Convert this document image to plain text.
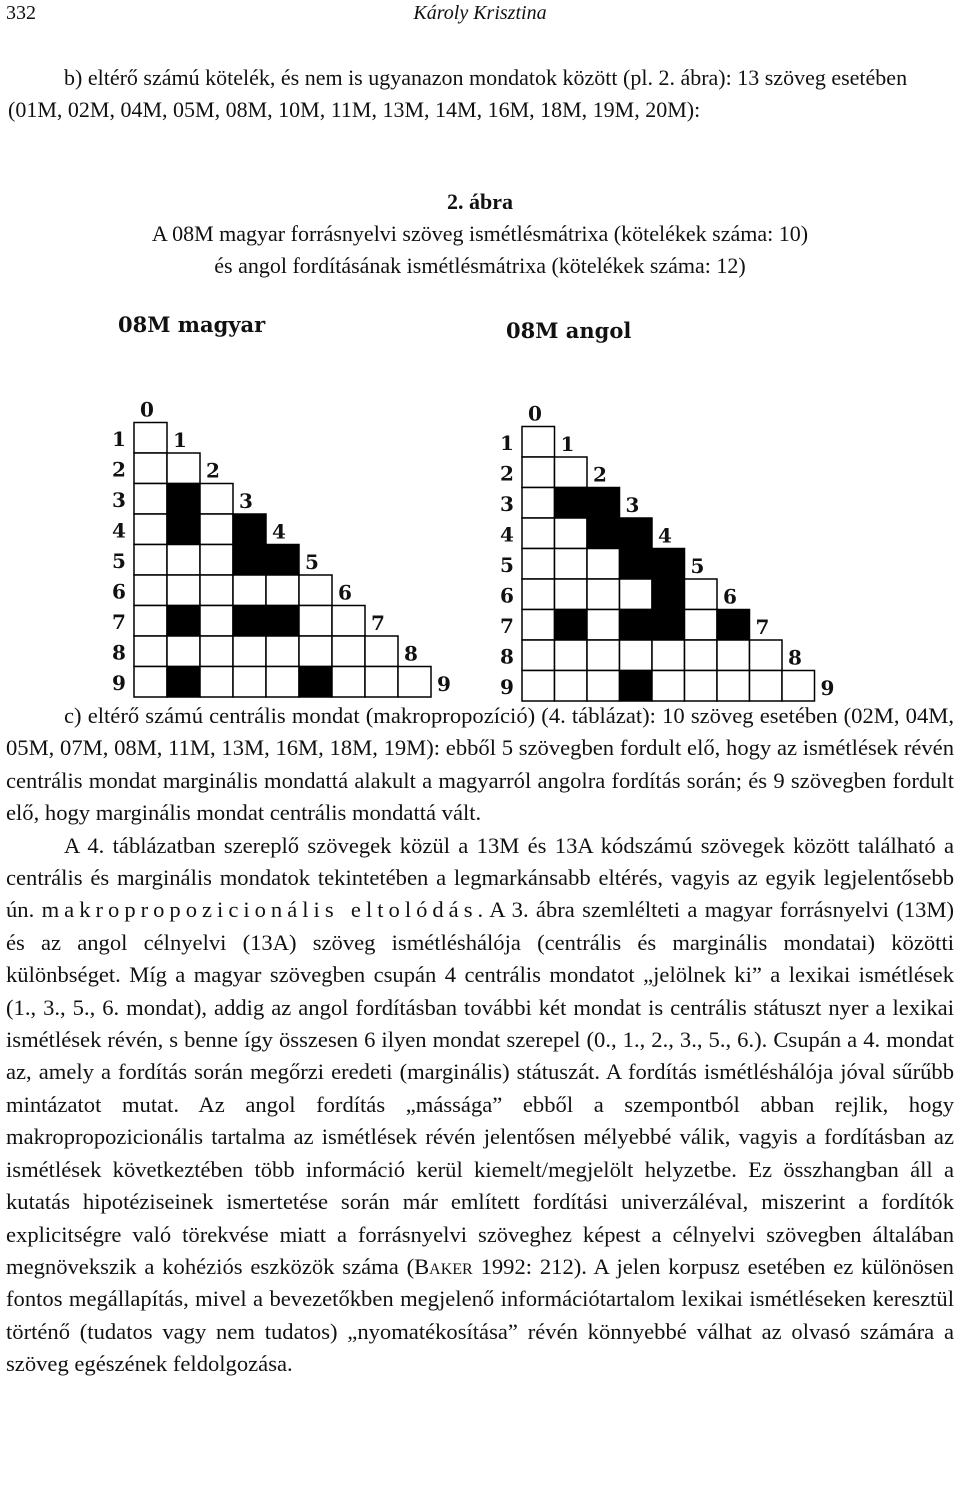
332	Károly Krisztina

b) eltérő számú kötelék, és nem is ugyanazon mondatok között (pl. 2. ábra): 13 szöveg esetében (01M, 02M, 04M, 05M, 08M, 10M, 11M, 13M, 14M, 16M, 18M, 19M, 20M):

2. ábra
A 08M magyar forrásnyelvi szöveg ismétlésmátrixa (kötelékek száma: 10)
és angol fordításának ismétlésmátrixa (kötelékek száma: 12)
08M magyar
1
2
3
4
5
6
7
8
9
0
1
2
3
4
5
6
7
8
9
08M angol
1
2
3
4
5
6
7
8
9
0
1
2
3
4
5
6
7
8
9

c) eltérő számú centrális mondat (makropropozíció) (4. táblázat): 10 szöveg esetében (02M, 04M, 05M, 07M, 08M, 11M, 13M, 16M, 18M, 19M): ebből 5 szövegben fordult elő, hogy az ismétlések révén centrális mondat marginális mondattá alakult a magyarról angolra fordítás során; és 9 szövegben fordult elő, hogy marginális mondat centrális mondattá vált.

A 4. táblázatban szereplő szövegek közül a 13M és 13A kódszámú szövegek között található a centrális és marginális mondatok tekintetében a legmarkánsabb eltérés, vagyis az egyik legjelentősebb ún. makropropozicionális eltolódás. A 3. ábra szemlélteti a magyar forrásnyelvi (13M) és az angol célnyelvi (13A) szöveg ismétléshálója (centrális és marginális mondatai) közötti különbséget. Míg a magyar szövegben csupán 4 centrális mondatot „jelölnek ki” a lexikai ismétlések (1., 3., 5., 6. mondat), addig az angol fordításban további két mondat is centrális státuszt nyer a lexikai ismétlések révén, s benne így összesen 6 ilyen mondat szerepel (0., 1., 2., 3., 5., 6.). Csupán a 4. mondat az, amely a fordítás során megőrzi eredeti (marginális) státuszát. A fordítás ismétléshálója jóval sűrűbb mintázatot mutat. Az angol fordítás „mássága” ebből a szempontból abban rejlik, hogy makropropozicionális tartalma az ismétlések révén jelentősen mélyebbé válik, vagyis a fordításban az ismétlések következtében több információ kerül kiemelt/megjelölt helyzetbe. Ez összhangban áll a kutatás hipotéziseinek ismertetése során már említett fordítási univerzáléval, miszerint a fordítók explicitségre való törekvése miatt a forrásnyelvi szöveghez képest a célnyelvi szövegben általában megnövekszik a kohéziós eszközök száma (Baker 1992: 212). A jelen korpusz esetében ez különösen fontos megállapítás, mivel a bevezetőkben megjelenő információtartalom lexikai ismétléseken keresztül történő (tudatos vagy nem tudatos) „nyomatékosítása” révén könnyebbé válhat az olvasó számára a szöveg egészének feldolgozása.
